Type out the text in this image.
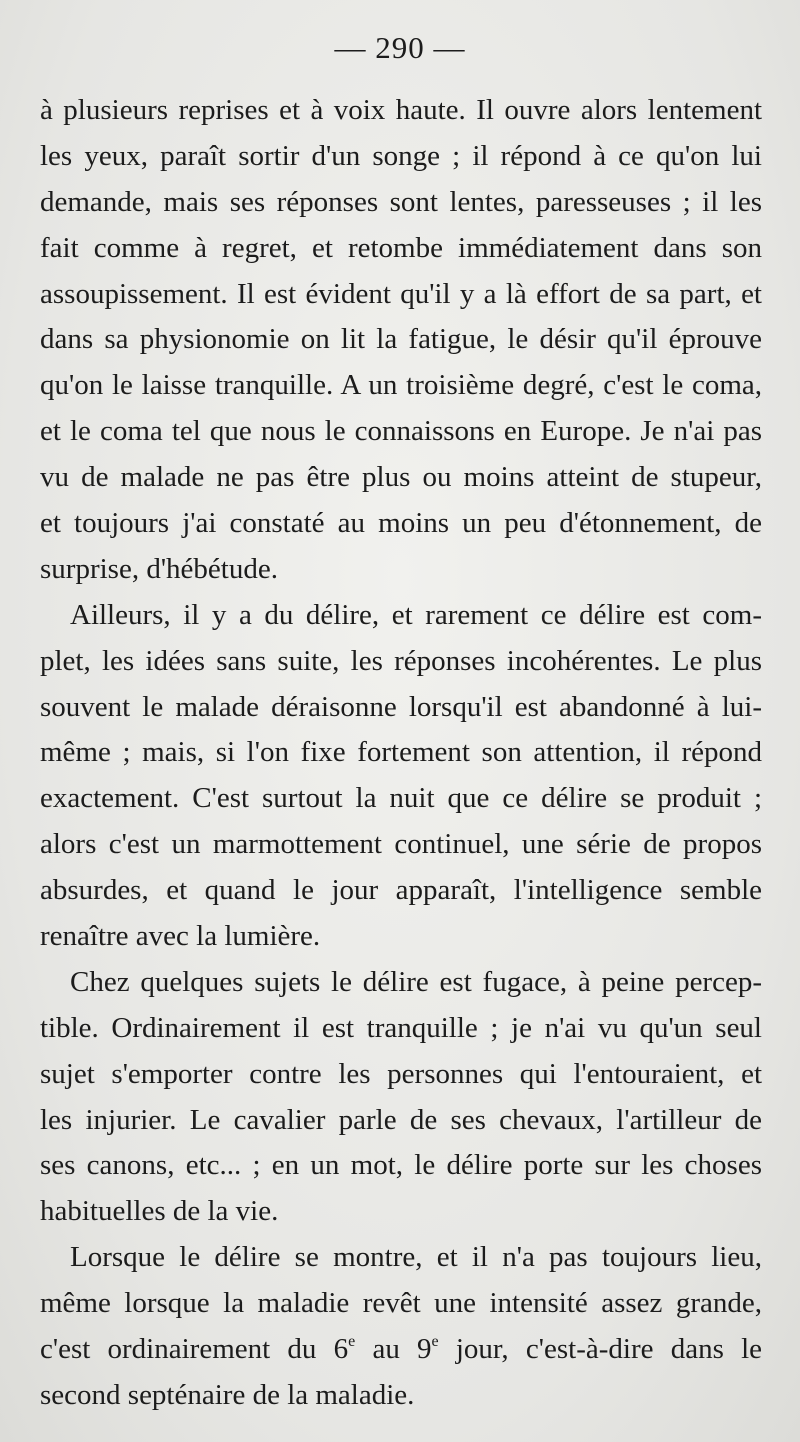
— 290 —
à plusieurs reprises et à voix haute. Il ouvre alors lentement
les yeux, paraît sortir d'un songe ; il répond à ce qu'on lui
demande, mais ses réponses sont lentes, paresseuses ; il les
fait comme à regret, et retombe immédiatement dans son
assoupissement. Il est évident qu'il y a là effort de sa part, et
dans sa physionomie on lit la fatigue, le désir qu'il éprouve
qu'on le laisse tranquille. A un troisième degré, c'est le coma,
et le coma tel que nous le connaissons en Europe. Je n'ai pas
vu de malade ne pas être plus ou moins atteint de stupeur,
et toujours j'ai constaté au moins un peu d'étonnement, de
surprise, d'hébétude.
Ailleurs, il y a du délire, et rarement ce délire est com-
plet, les idées sans suite, les réponses incohérentes. Le plus
souvent le malade déraisonne lorsqu'il est abandonné à lui-
même ; mais, si l'on fixe fortement son attention, il répond
exactement. C'est surtout la nuit que ce délire se produit ;
alors c'est un marmottement continuel, une série de propos
absurdes, et quand le jour apparaît, l'intelligence semble
renaître avec la lumière.
Chez quelques sujets le délire est fugace, à peine percep-
tible. Ordinairement il est tranquille ; je n'ai vu qu'un seul
sujet s'emporter contre les personnes qui l'entouraient, et
les injurier. Le cavalier parle de ses chevaux, l'artilleur de
ses canons, etc... ; en un mot, le délire porte sur les choses
habituelles de la vie.
Lorsque le délire se montre, et il n'a pas toujours lieu,
même lorsque la maladie revêt une intensité assez grande,
c'est ordinairement du 6e au 9e jour, c'est-à-dire dans le
second septénaire de la maladie.
